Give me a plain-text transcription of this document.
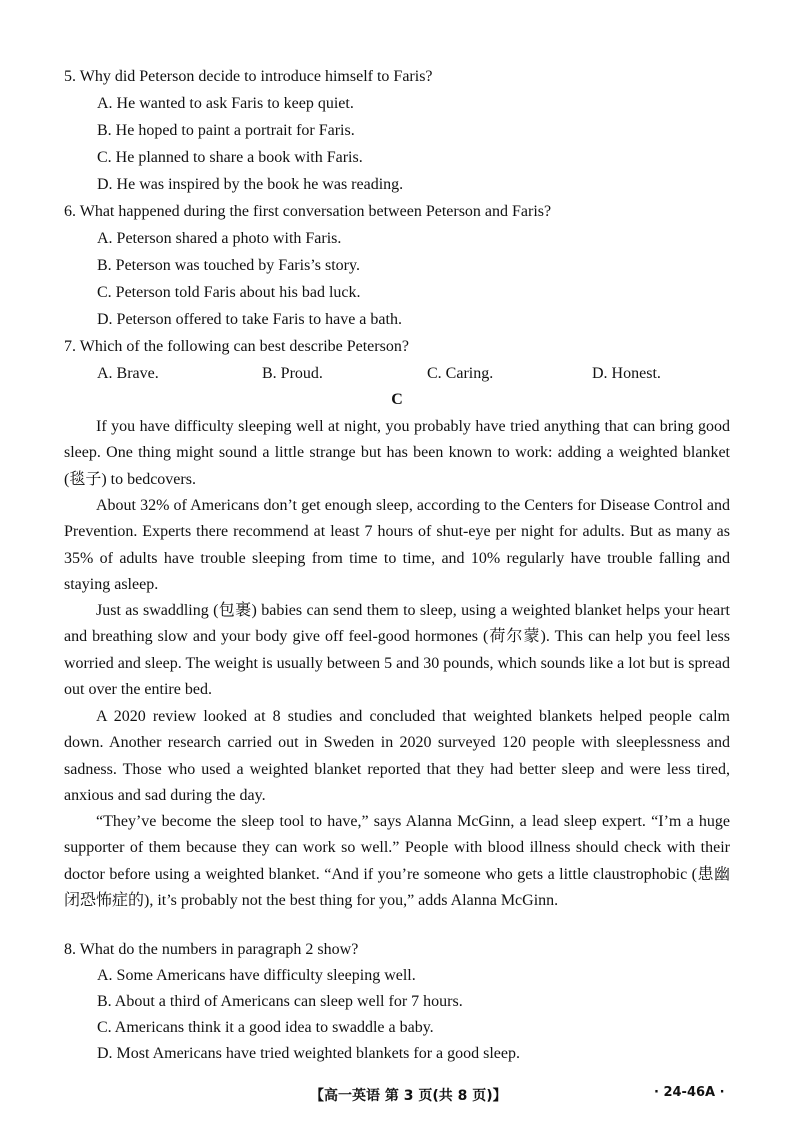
5. Why did Peterson decide to introduce himself to Faris?
A. He wanted to ask Faris to keep quiet.
B. He hoped to paint a portrait for Faris.
C. He planned to share a book with Faris.
D. He was inspired by the book he was reading.
6. What happened during the first conversation between Peterson and Faris?
A. Peterson shared a photo with Faris.
B. Peterson was touched by Faris’s story.
C. Peterson told Faris about his bad luck.
D. Peterson offered to take Faris to have a bath.
7. Which of the following can best describe Peterson?
A. Brave.	B. Proud.	C. Caring.	D. Honest.
C
If you have difficulty sleeping well at night, you probably have tried anything that can bring good sleep. One thing might sound a little strange but has been known to work: adding a weighted blanket (毯子) to bedcovers.
About 32% of Americans don’t get enough sleep, according to the Centers for Disease Control and Prevention. Experts there recommend at least 7 hours of shut-eye per night for adults. But as many as 35% of adults have trouble sleeping from time to time, and 10% regularly have trouble falling and staying asleep.
Just as swaddling (包裹) babies can send them to sleep, using a weighted blanket helps your heart and breathing slow and your body give off feel-good hormones (荷尔蒙). This can help you feel less worried and sleep. The weight is usually between 5 and 30 pounds, which sounds like a lot but is spread out over the entire bed.
A 2020 review looked at 8 studies and concluded that weighted blankets helped people calm down. Another research carried out in Sweden in 2020 surveyed 120 people with sleeplessness and sadness. Those who used a weighted blanket reported that they had better sleep and were less tired, anxious and sad during the day.
“They’ve become the sleep tool to have,” says Alanna McGinn, a lead sleep expert. “I’m a huge supporter of them because they can work so well.” People with blood illness should check with their doctor before using a weighted blanket. “And if you’re someone who gets a little claustrophobic (患幽闭恐怖症的), it’s probably not the best thing for you,” adds Alanna McGinn.
8. What do the numbers in paragraph 2 show?
A. Some Americans have difficulty sleeping well.
B. About a third of Americans can sleep well for 7 hours.
C. Americans think it a good idea to swaddle a baby.
D. Most Americans have tried weighted blankets for a good sleep.
【高一英语 第 3 页(共 8 页)】	· 24-46A ·
